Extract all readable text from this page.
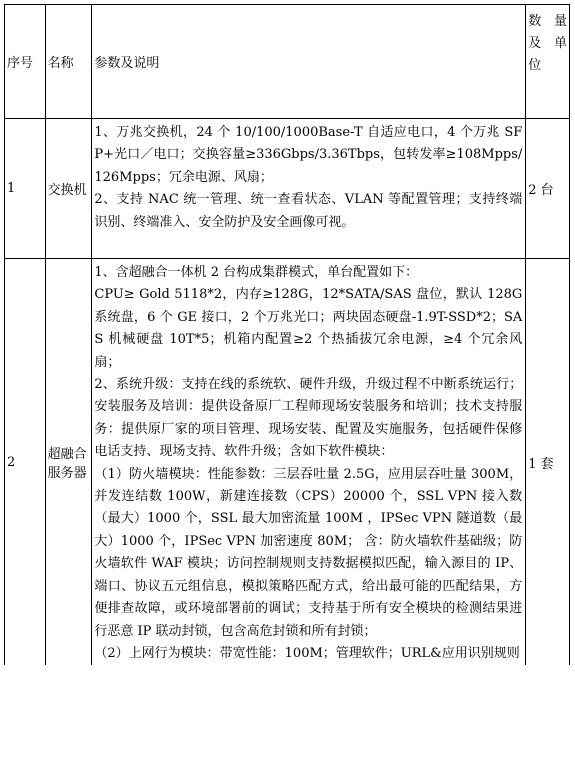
序号	名称	参数及说明	数 量
及 单
位

1	交换机	1、万兆交换机，24 个 10/100/1000Base-T 自适应电口，4 个万兆 SFP+光口／电口；交换容量≥336Gbps/3.36Tbps，包转发率≥108Mpps/126Mpps；冗余电源、风扇；

2、支持 NAC 统一管理、统一查看状态、VLAN 等配置管理；支持终端识别、终端准入、安全防护及安全画像可视。	2 台
2	超融合服务器	1、含超融合一体机 2 台构成集群模式，单台配置如下：

CPU≥ Gold 5118*2，内存≥128G，12*SATA/SAS 盘位，默认 128G 系统盘，6 个 GE 接口，2 个万兆光口；两块固态硬盘-1.9T-SSD*2；SAS 机械硬盘 10T*5；机箱内配置≥2 个热插拔冗余电源，≥4 个冗余风扇；

2、系统升级：支持在线的系统软、硬件升级，升级过程不中断系统运行；安装服务及培训：提供设备原厂工程师现场安装服务和培训；技术支持服务：提供原厂家的项目管理、现场安装、配置及实施服务，包括硬件保修电话支持、现场支持、软件升级；含如下软件模块：

（1）防火墙模块：性能参数：三层吞吐量 2.5G，应用层吞吐量 300M，并发连结数 100W，新建连接数（CPS）20000 个，SSL VPN 接入数（最大）1000 个，SSL 最大加密流量 100M ，IPSec VPN 隧道数（最大）1000 个，IPSec VPN 加密速度 80M； 含：防火墙软件基础级；防火墙软件 WAF 模块；访问控制规则支持数据模拟匹配，输入源目的 IP、端口、协议五元组信息，模拟策略匹配方式，给出最可能的匹配结果，方便排查故障，或环境部署前的调试；支持基于所有安全模块的检测结果进行恶意 IP 联动封锁，包含高危封锁和所有封锁；

（2）上网行为模块：带宽性能：100M；管理软件；URL&应用识别规则	1 套
